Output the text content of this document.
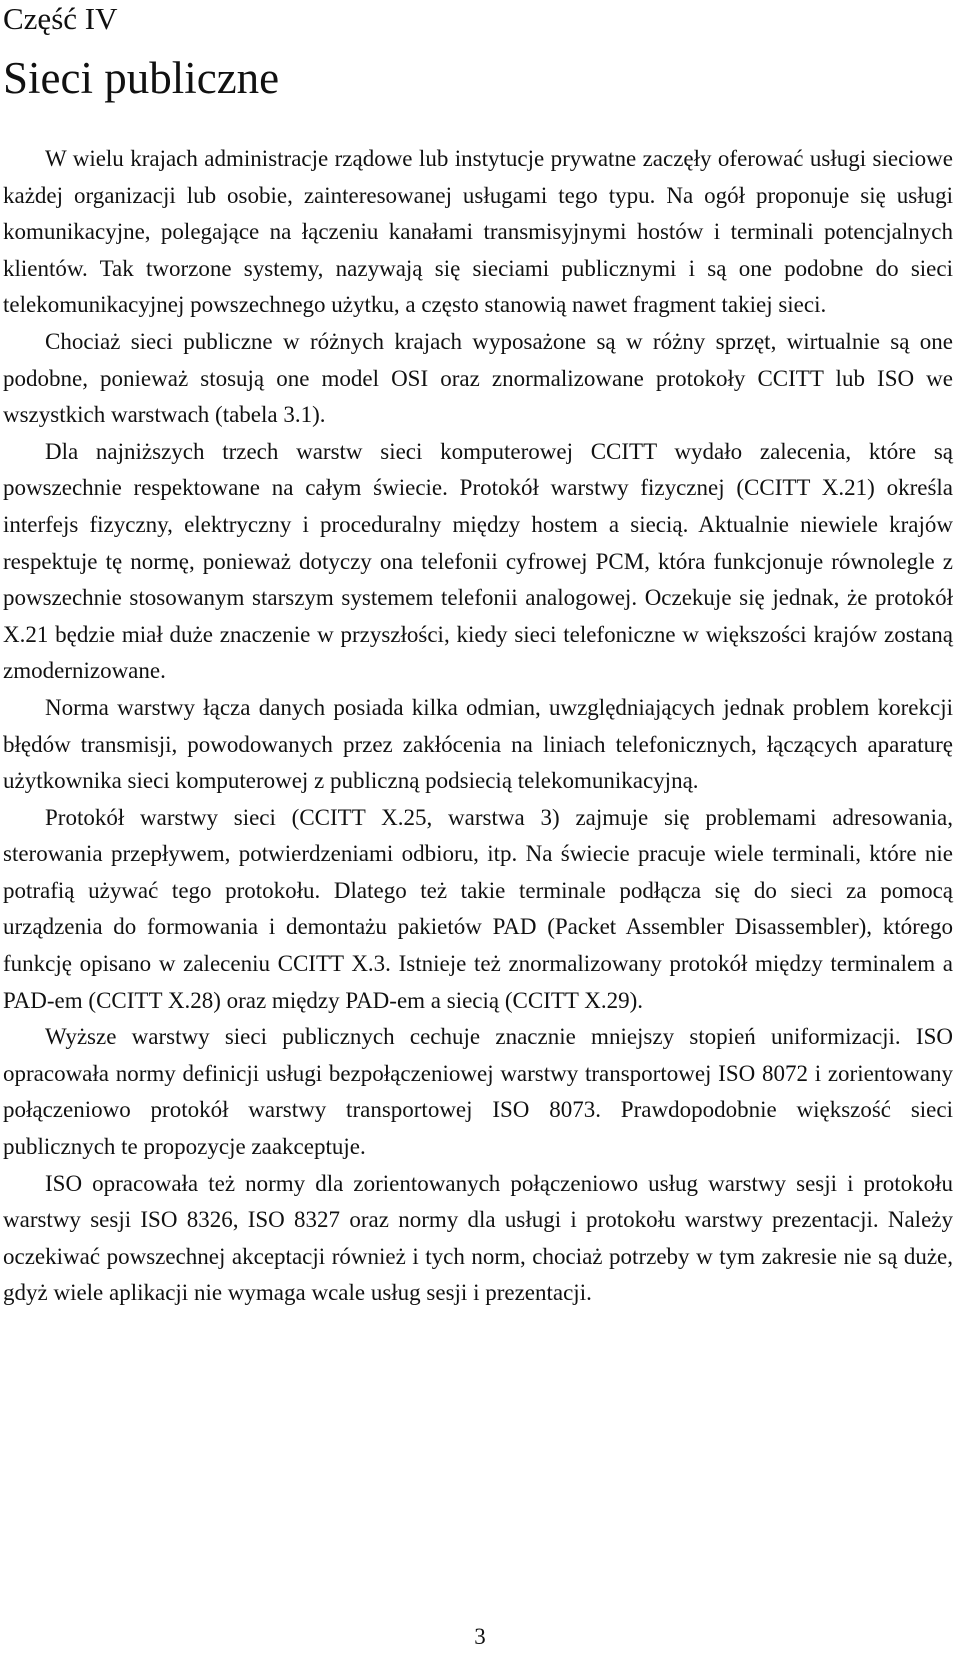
Część IV
Sieci publiczne

W wielu krajach administracje rządowe lub instytucje prywatne zaczęły oferować usługi sieciowe każdej organizacji lub osobie, zainteresowanej usługami tego typu. Na ogół proponuje się usługi komunikacyjne, polegające na łączeniu kanałami transmisyjnymi hostów i terminali potencjalnych klientów. Tak tworzone systemy, nazywają się sieciami publicznymi i są one podobne do sieci telekomunikacyjnej powszechnego użytku, a często stanowią nawet fragment takiej sieci.

Chociaż sieci publiczne w różnych krajach wyposażone są w różny sprzęt, wirtualnie są one podobne, ponieważ stosują one model OSI oraz znormalizowane protokoły CCITT lub ISO we wszystkich warstwach (tabela 3.1).

Dla najniższych trzech warstw sieci komputerowej CCITT wydało zalecenia, które są powszechnie respektowane na całym świecie. Protokół warstwy fizycznej (CCITT X.21) określa interfejs fizyczny, elektryczny i proceduralny między hostem a siecią. Aktualnie niewiele krajów respektuje tę normę, ponieważ dotyczy ona telefonii cyfrowej PCM, która funkcjonuje równolegle z powszechnie stosowanym starszym systemem telefonii analogowej. Oczekuje się jednak, że protokół X.21 będzie miał duże znaczenie w przyszłości, kiedy sieci telefoniczne w większości krajów zostaną zmodernizowane.

Norma warstwy łącza danych posiada kilka odmian, uwzględniających jednak problem korekcji błędów transmisji, powodowanych przez zakłócenia na liniach telefonicznych, łączących aparaturę użytkownika sieci komputerowej z publiczną podsiecią telekomunikacyjną.

Protokół warstwy sieci (CCITT X.25, warstwa 3) zajmuje się problemami adresowania, sterowania przepływem, potwierdzeniami odbioru, itp. Na świecie pracuje wiele terminali, które nie potrafią używać tego protokołu. Dlatego też takie terminale podłącza się do sieci za pomocą urządzenia do formowania i demontażu pakietów PAD (Packet Assembler Disassembler), którego funkcję opisano w zaleceniu CCITT X.3. Istnieje też znormalizowany protokół między terminalem a PAD-em (CCITT X.28) oraz między PAD-em a siecią (CCITT X.29).

Wyższe warstwy sieci publicznych cechuje znacznie mniejszy stopień uniformizacji. ISO opracowała normy definicji usługi bezpołączeniowej warstwy transportowej ISO 8072 i zorientowany połączeniowo protokół warstwy transportowej ISO 8073. Prawdopodobnie większość sieci publicznych te propozycje zaakceptuje.

ISO opracowała też normy dla zorientowanych połączeniowo usług warstwy sesji i protokołu warstwy sesji ISO 8326, ISO 8327 oraz normy dla usługi i protokołu warstwy prezentacji. Należy oczekiwać powszechnej akceptacji również i tych norm, chociaż potrzeby w tym zakresie nie są duże, gdyż wiele aplikacji nie wymaga wcale usług sesji i prezentacji.

3
